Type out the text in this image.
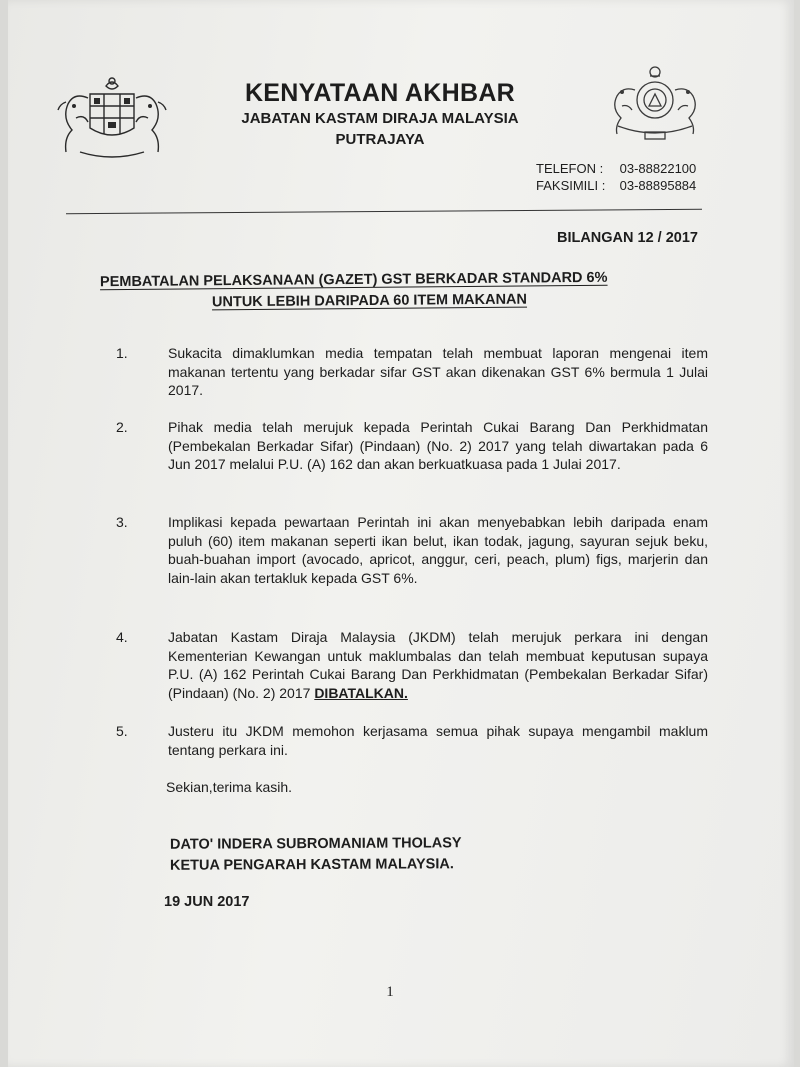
KENYATAAN AKHBAR
JABATAN KASTAM DIRAJA MALAYSIA
PUTRAJAYA
TELEFON : 03-88822100
FAKSIMILI : 03-88895884
BILANGAN 12 / 2017
PEMBATALAN PELAKSANAAN (GAZET) GST BERKADAR STANDARD 6%
UNTUK LEBIH DARIPADA 60 ITEM MAKANAN
1.	Sukacita dimaklumkan media tempatan telah membuat laporan mengenai item makanan tertentu yang berkadar sifar GST akan dikenakan GST 6% bermula 1 Julai 2017.
2.	Pihak media telah merujuk kepada Perintah Cukai Barang Dan Perkhidmatan (Pembekalan Berkadar Sifar) (Pindaan) (No. 2) 2017 yang telah diwartakan pada 6 Jun 2017 melalui P.U. (A) 162 dan akan berkuatkuasa pada 1 Julai 2017.
3.	Implikasi kepada pewartaan Perintah ini akan menyebabkan lebih daripada enam puluh (60) item makanan seperti ikan belut, ikan todak, jagung, sayuran sejuk beku, buah-buahan import (avocado, apricot, anggur, ceri, peach, plum) figs, marjerin dan lain-lain akan tertakluk kepada GST 6%.
4.	Jabatan Kastam Diraja Malaysia (JKDM) telah merujuk perkara ini dengan Kementerian Kewangan untuk maklumbalas dan telah membuat keputusan supaya P.U. (A) 162 Perintah Cukai Barang Dan Perkhidmatan (Pembekalan Berkadar Sifar) (Pindaan) (No. 2) 2017 DIBATALKAN.
5.	Justeru itu JKDM memohon kerjasama semua pihak supaya mengambil maklum tentang perkara ini.
Sekian,terima kasih.
DATO' INDERA SUBROMANIAM THOLASY
KETUA PENGARAH KASTAM MALAYSIA.
19 JUN 2017
1
